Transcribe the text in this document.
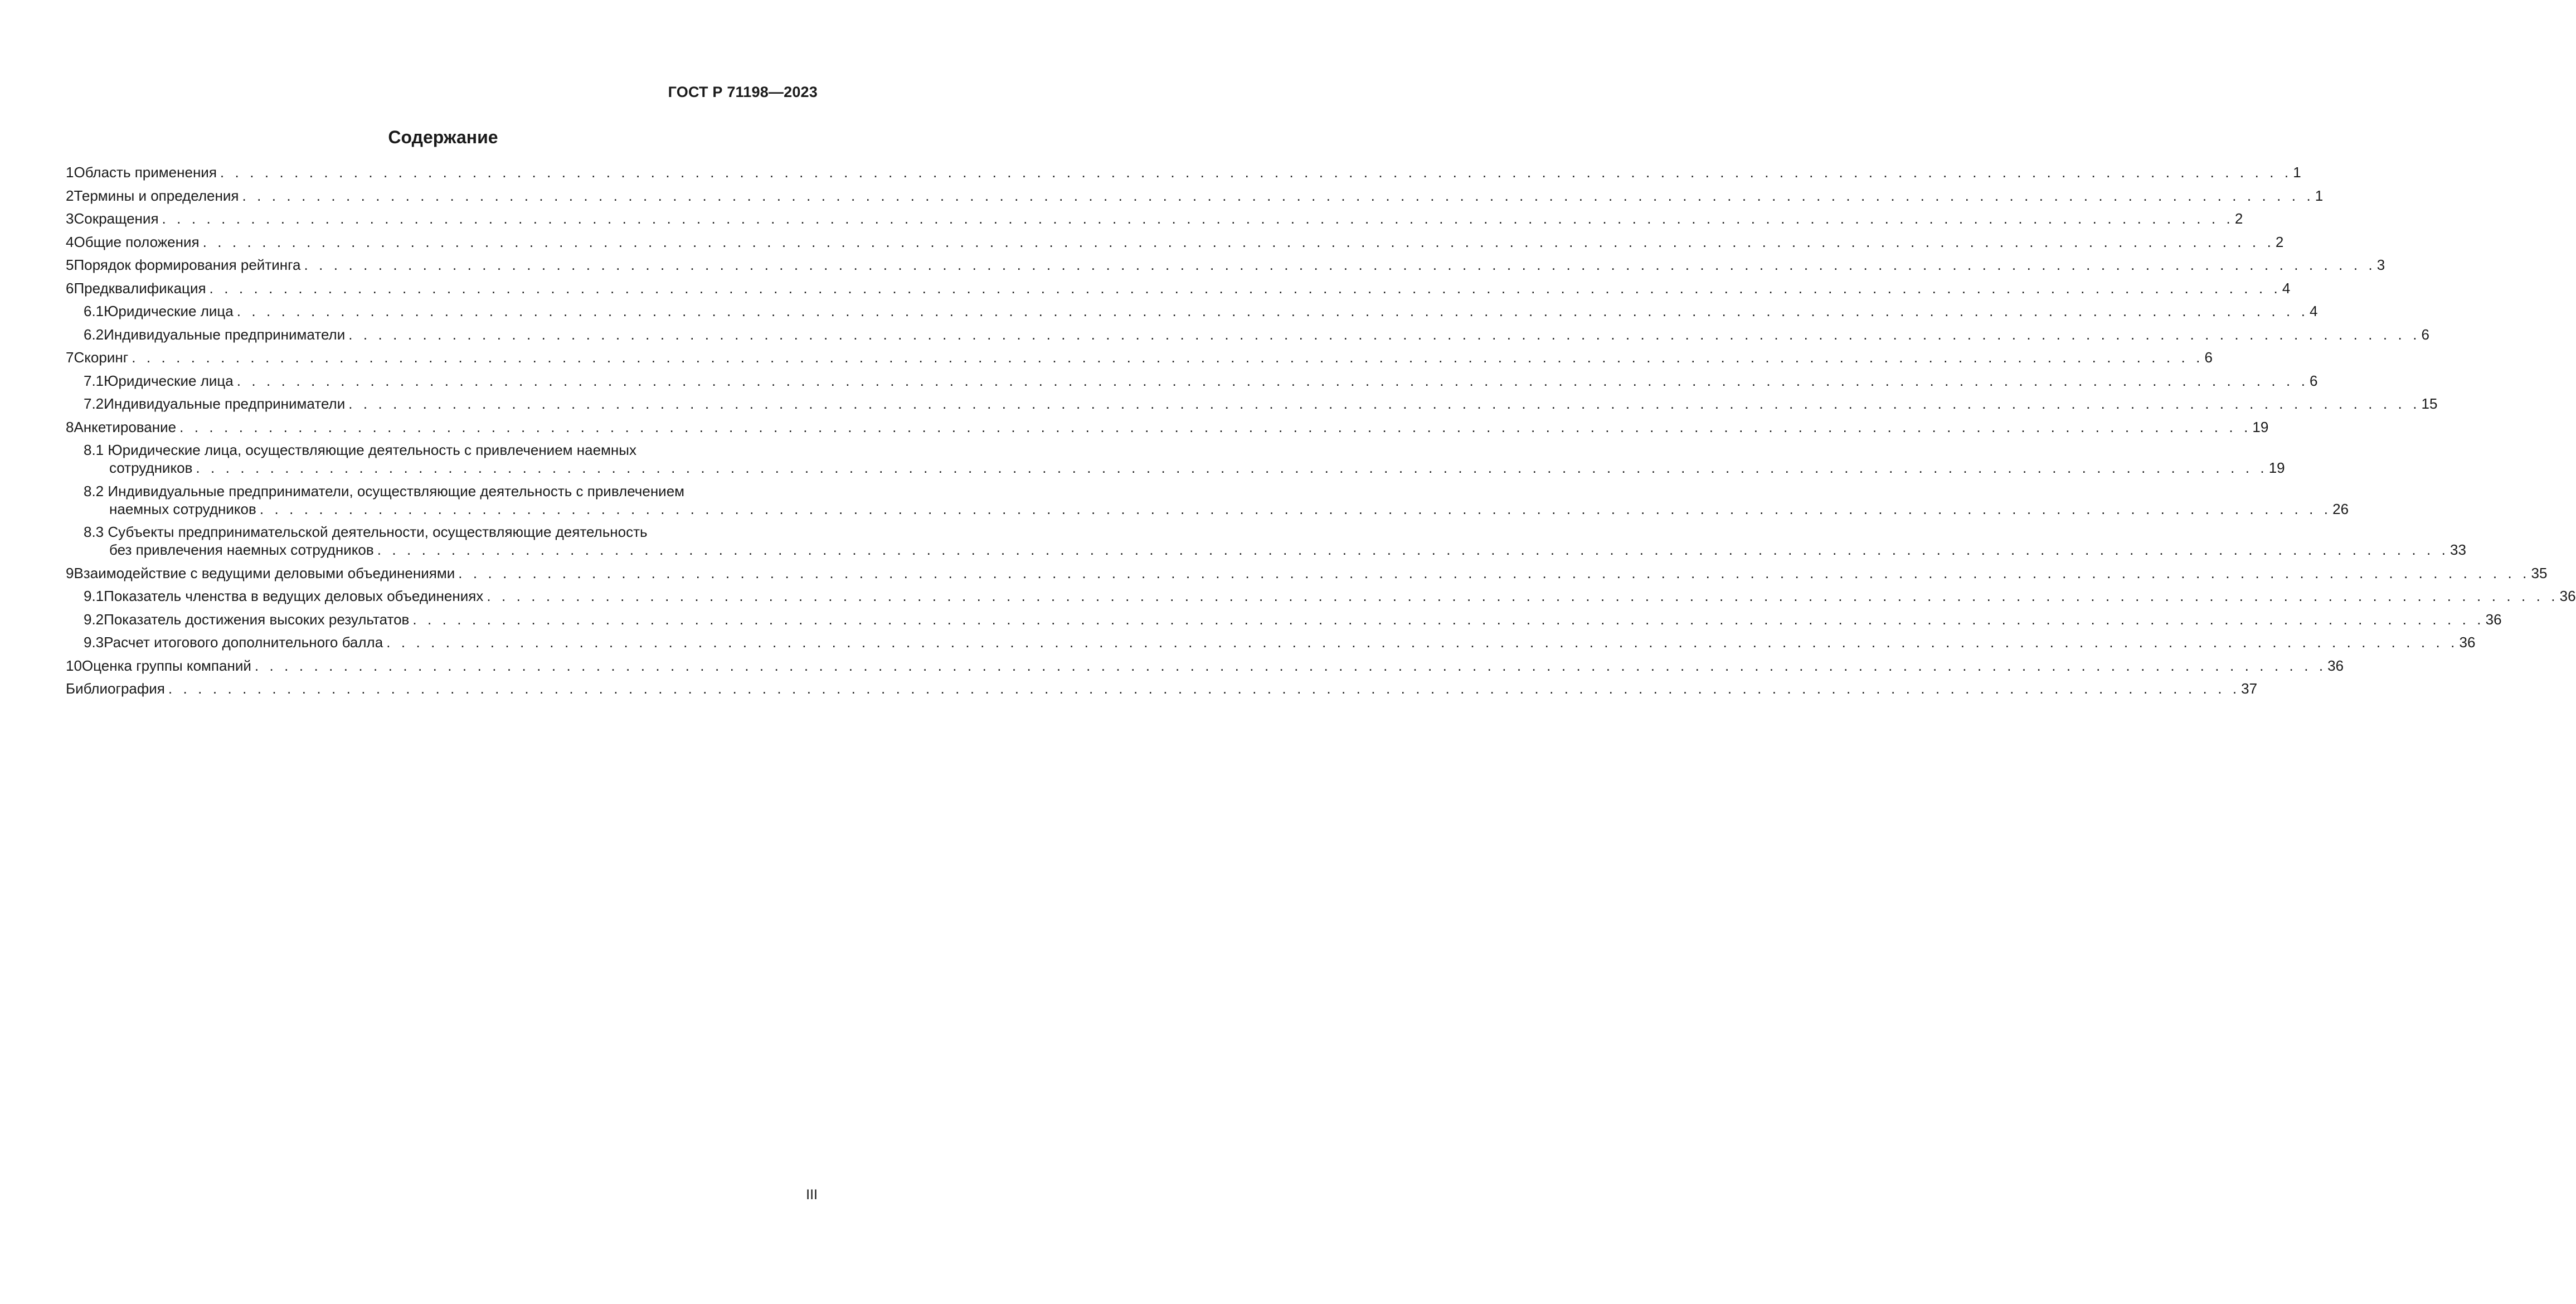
ГОСТ Р 71198—2023
Содержание
1 Область применения . . .	1
2 Термины и определения . . .	1
3 Сокращения . . .	2
4 Общие положения . . .	2
5 Порядок формирования рейтинга . . .	3
6 Предквалификация . . .	4
6.1 Юридические лица . . .	4
6.2 Индивидуальные предприниматели . . .	6
7 Скоринг . . .	6
7.1 Юридические лица . . .	6
7.2 Индивидуальные предприниматели . . .	15
8 Анкетирование . . .	19
8.1 Юридические лица, осуществляющие деятельность с привлечением наемных
сотрудников . . .	19
8.2 Индивидуальные предприниматели, осуществляющие деятельность с привлечением
наемных сотрудников . . .	26
8.3 Субъекты предпринимательской деятельности, осуществляющие деятельность
без привлечения наемных сотрудников . . .	33
9 Взаимодействие с ведущими деловыми объединениями . . .	35
9.1 Показатель членства в ведущих деловых объединениях . . .	36
9.2 Показатель достижения высоких результатов . . .	36
9.3 Расчет итогового дополнительного балла . . .	36
10 Оценка группы компаний . . .	36
Библиография . . .	37
III
